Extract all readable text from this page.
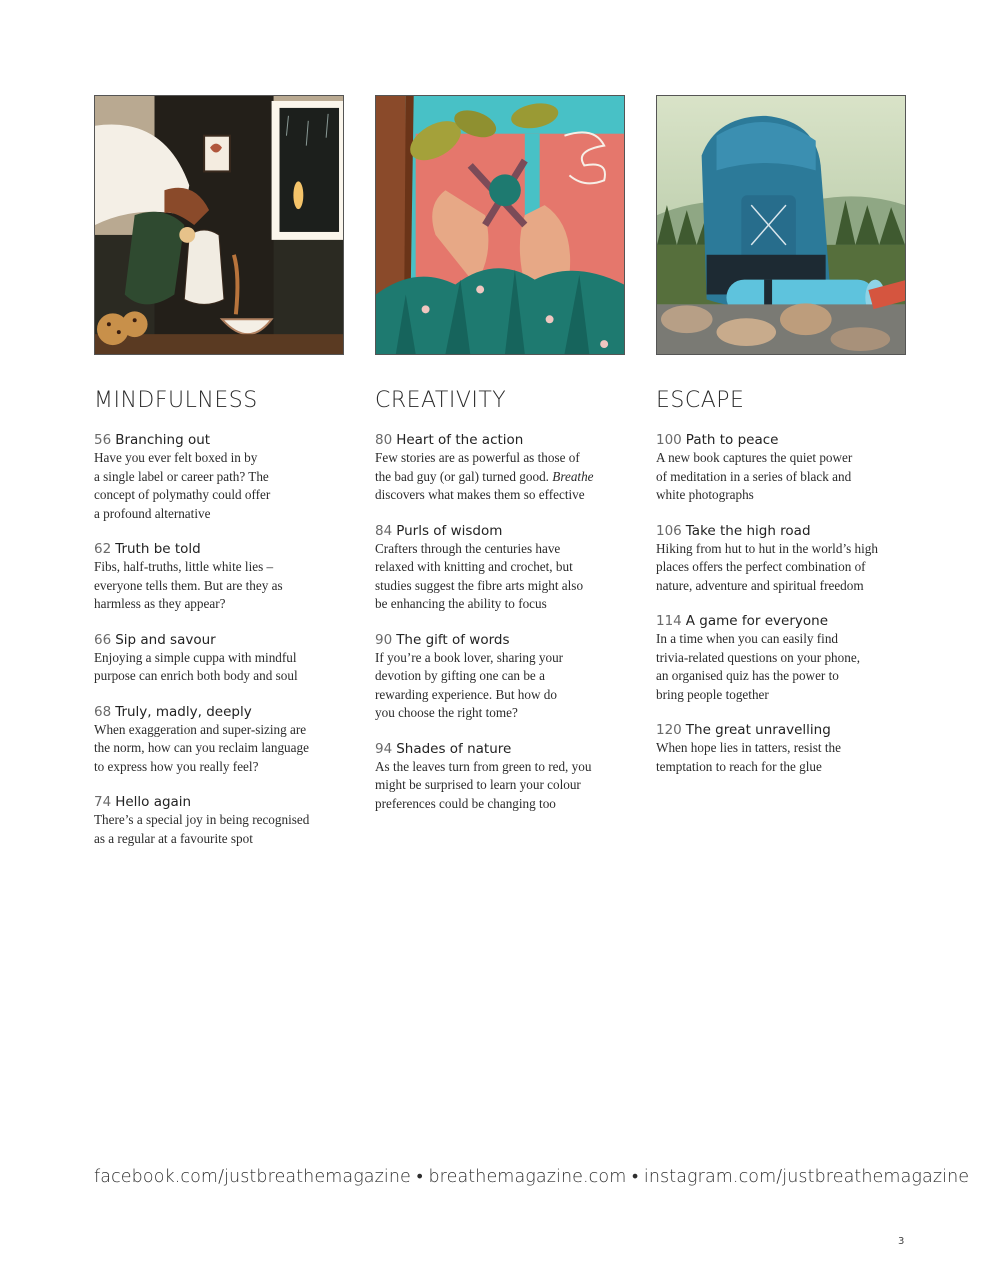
MINDFULNESS
56 Branching out
Have you ever felt boxed in by
a single label or career path? The
concept of polymathy could offer
a profound alternative
62 Truth be told
Fibs, half-truths, little white lies –
everyone tells them. But are they as
harmless as they appear?
66 Sip and savour
Enjoying a simple cuppa with mindful
purpose can enrich both body and soul
68 Truly, madly, deeply
When exaggeration and super-sizing are
the norm, how can you reclaim language
to express how you really feel?
74 Hello again
There’s a special joy in being recognised
as a regular at a favourite spot
CREATIVITY
80 Heart of the action
Few stories are as powerful as those of
the bad guy (or gal) turned good. Breathe
discovers what makes them so effective
84 Purls of wisdom
Crafters through the centuries have
relaxed with knitting and crochet, but
studies suggest the fibre arts might also
be enhancing the ability to focus
90 The gift of words
If you’re a book lover, sharing your
devotion by gifting one can be a
rewarding experience. But how do
you choose the right tome?
94 Shades of nature
As the leaves turn from green to red, you
might be surprised to learn your colour
preferences could be changing too
ESCAPE
100 Path to peace
A new book captures the quiet power
of meditation in a series of black and
white photographs
106 Take the high road
Hiking from hut to hut in the world’s high
places offers the perfect combination of
nature, adventure and spiritual freedom
114 A game for everyone
In a time when you can easily find
trivia-related questions on your phone,
an organised quiz has the power to
bring people together
120 The great unravelling
When hope lies in tatters, resist the
temptation to reach for the glue
facebook.com/justbreathemagazine • breathemagazine.com • instagram.com/justbreathemagazine
3
